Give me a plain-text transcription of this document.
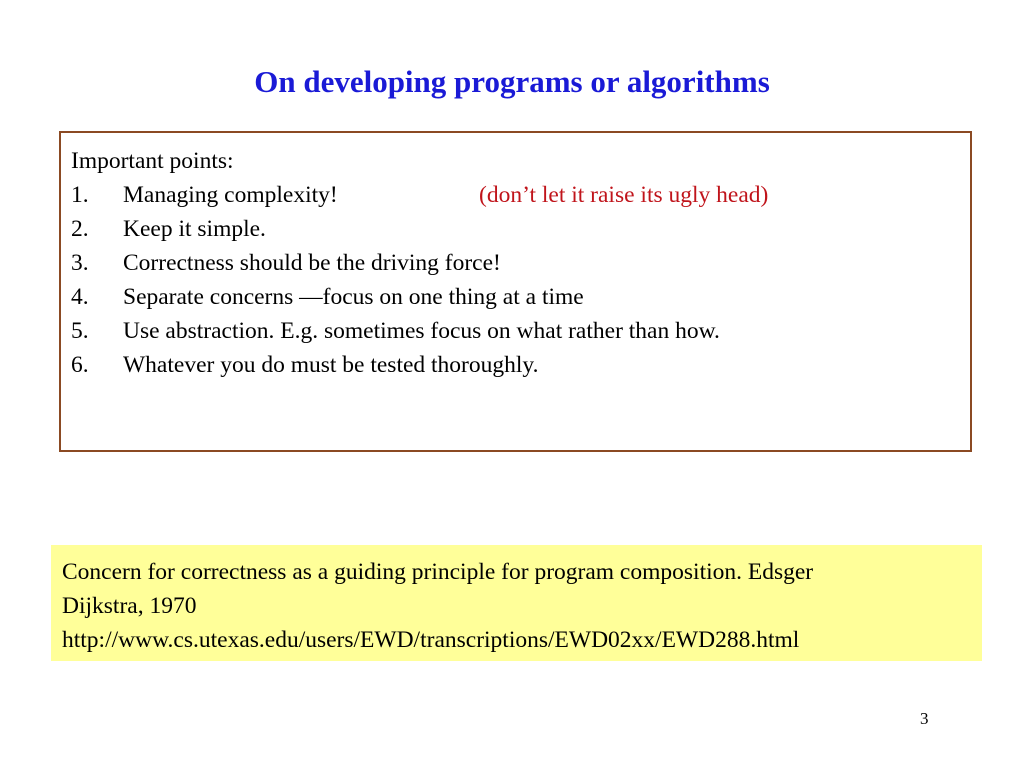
On developing programs or algorithms
Important points:
1. Managing complexity!	(don’t let it raise its ugly head)
2. Keep it simple.
3. Correctness should be the driving force!
4. Separate concerns —focus on one thing at a time
5. Use abstraction. E.g. sometimes focus on what rather than how.
6. Whatever you do must be tested thoroughly.
Concern for correctness as a guiding principle for program composition. Edsger
Dijkstra, 1970
http://www.cs.utexas.edu/users/EWD/transcriptions/EWD02xx/EWD288.html
3
